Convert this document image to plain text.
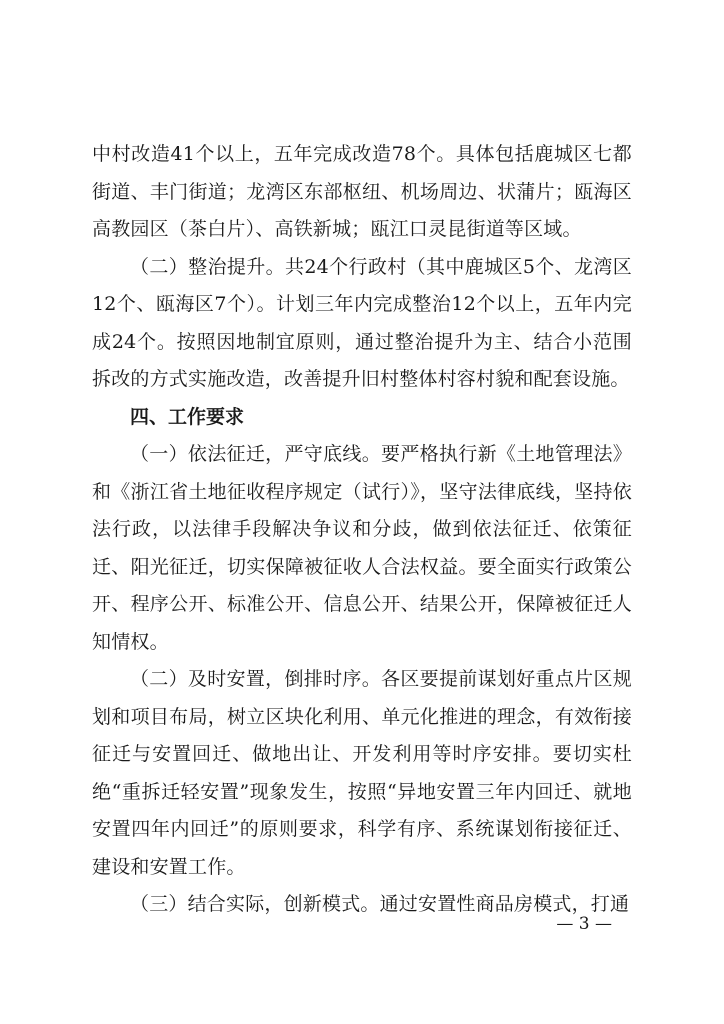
中村改造41个以上，五年完成改造78个。具体包括鹿城区七都街道、丰门街道；龙湾区东部枢纽、机场周边、状蒲片；瓯海区高教园区（茶白片）、高铁新城；瓯江口灵昆街道等区域。

（二）整治提升。共24个行政村（其中鹿城区5个、龙湾区12个、瓯海区7个）。计划三年内完成整治12个以上，五年内完成24个。按照因地制宜原则，通过整治提升为主、结合小范围拆改的方式实施改造，改善提升旧村整体村容村貌和配套设施。

四、工作要求

（一）依法征迁，严守底线。要严格执行新《土地管理法》和《浙江省土地征收程序规定（试行）》，坚守法律底线，坚持依法行政，以法律手段解决争议和分歧，做到依法征迁、依策征迁、阳光征迁，切实保障被征收人合法权益。要全面实行政策公开、程序公开、标准公开、信息公开、结果公开，保障被征迁人知情权。

（二）及时安置，倒排时序。各区要提前谋划好重点片区规划和项目布局，树立区块化利用、单元化推进的理念，有效衔接征迁与安置回迁、做地出让、开发利用等时序安排。要切实杜绝“重拆迁轻安置”现象发生，按照“异地安置三年内回迁、就地安置四年内回迁”的原则要求，科学有序、系统谋划衔接征迁、建设和安置工作。

（三）结合实际，创新模式。通过安置性商品房模式，打通

— 3 —
